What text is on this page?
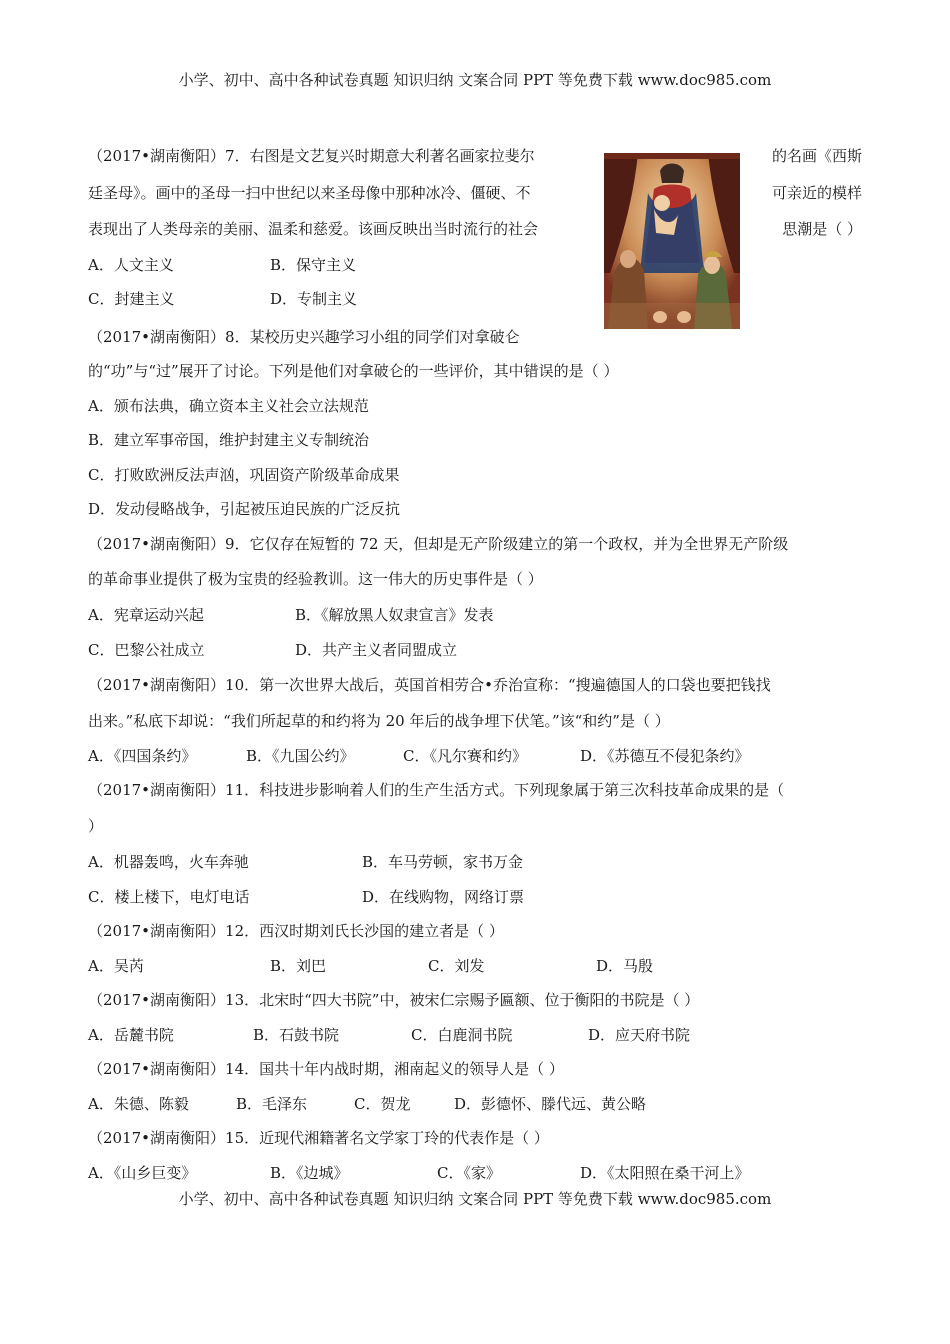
小学、初中、高中各种试卷真题 知识归纳 文案合同 PPT 等免费下载 www.doc985.com
（2017•湖南衡阳）7．右图是文艺复兴时期意大利著名画家拉斐尔	的名画《西斯
廷圣母》。画中的圣母一扫中世纪以来圣母像中那种冰冷、僵硬、不	可亲近的模样
表现出了人类母亲的美丽、温柔和慈爱。该画反映出当时流行的社会	思潮是（ ）
A．人文主义	B．保守主义
C．封建主义	D．专制主义
（2017•湖南衡阳）8．某校历史兴趣学习小组的同学们对拿破仑
的“功”与“过”展开了讨论。下列是他们对拿破仑的一些评价，其中错误的是（ ）
A．颁布法典，确立资本主义社会立法规范
B．建立军事帝国，维护封建主义专制统治
C．打败欧洲反法声汹，巩固资产阶级革命成果
D．发动侵略战争，引起被压迫民族的广泛反抗
（2017•湖南衡阳）9．它仅存在短暂的 72 天，但却是无产阶级建立的第一个政权，并为全世界无产阶级
的革命事业提供了极为宝贵的经验教训。这一伟大的历史事件是（ ）
A．宪章运动兴起	B．《解放黑人奴隶宣言》发表
C．巴黎公社成立	D．共产主义者同盟成立
（2017•湖南衡阳）10．第一次世界大战后，英国首相劳合•乔治宣称：“搜遍德国人的口袋也要把钱找
出来。”私底下却说：“我们所起草的和约将为 20 年后的战争埋下伏笔。”该“和约”是（ ）
A．《四国条约》	B．《九国公约》	C．《凡尔赛和约》	D．《苏德互不侵犯条约》
（2017•湖南衡阳）11．科技进步影响着人们的生产生活方式。下列现象属于第三次科技革命成果的是（
）
A．机器轰鸣，火车奔驰	B．车马劳顿，家书万金
C．楼上楼下，电灯电话	D．在线购物，网络订票
（2017•湖南衡阳）12．西汉时期刘氏长沙国的建立者是（ ）
A．吴芮	B．刘巴	C．刘发	D．马殷
（2017•湖南衡阳）13．北宋时“四大书院”中，被宋仁宗赐予匾额、位于衡阳的书院是（ ）
A．岳麓书院	B．石鼓书院	C．白鹿洞书院	D．应天府书院
（2017•湖南衡阳）14．国共十年内战时期，湘南起义的领导人是（ ）
A．朱德、陈毅	B．毛泽东	C．贺龙	D．彭德怀、滕代远、黄公略
（2017•湖南衡阳）15．近现代湘籍著名文学家丁玲的代表作是（ ）
A．《山乡巨变》	B．《边城》	C．《家》	D．《太阳照在桑干河上》
小学、初中、高中各种试卷真题 知识归纳 文案合同 PPT 等免费下载 www.doc985.com
